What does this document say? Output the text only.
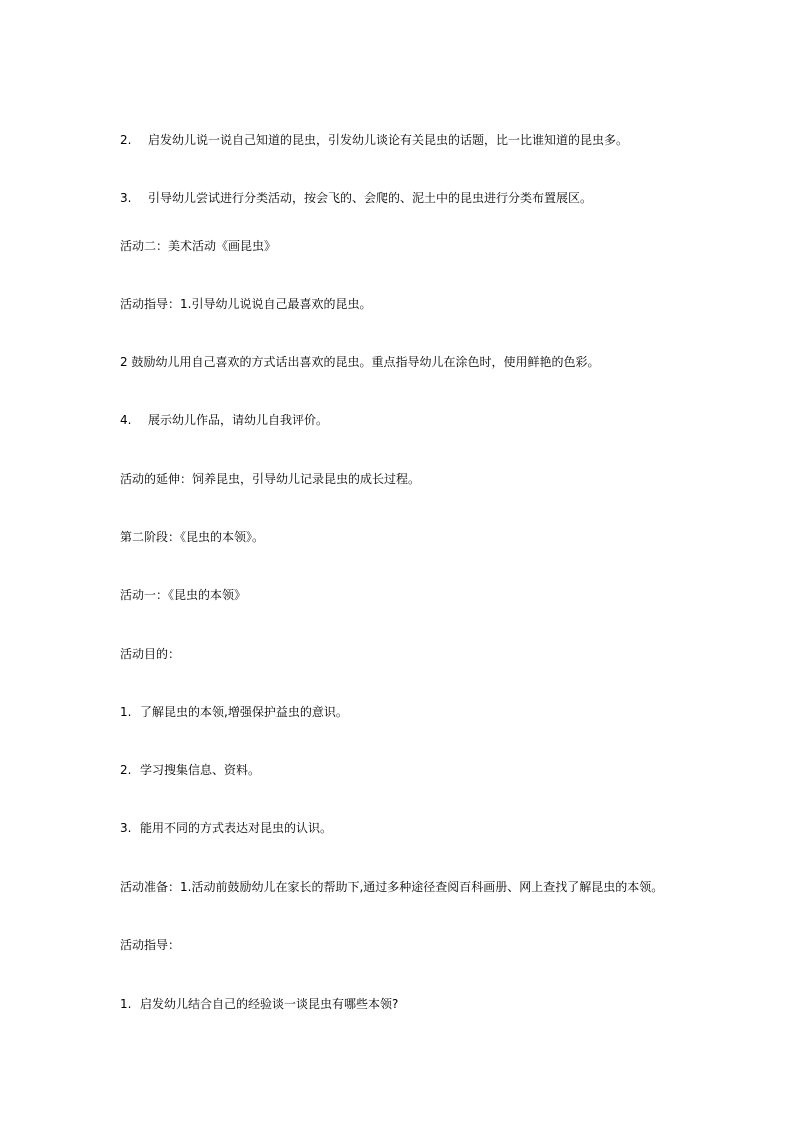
2. 启发幼儿说一说自己知道的昆虫，引发幼儿谈论有关昆虫的话题，比一比谁知道的昆虫多。
3. 引导幼儿尝试进行分类活动，按会飞的、会爬的、泥土中的昆虫进行分类布置展区。
活动二：美术活动《画昆虫》
活动指导：1.引导幼儿说说自己最喜欢的昆虫。
2 鼓励幼儿用自己喜欢的方式话出喜欢的昆虫。重点指导幼儿在涂色时，使用鲜艳的色彩。
4. 展示幼儿作品，请幼儿自我评价。
活动的延伸：饲养昆虫，引导幼儿记录昆虫的成长过程。
第二阶段：《昆虫的本领》。
活动一：《昆虫的本领》
活动目的：
1. 了解昆虫的本领,增强保护益虫的意识。
2. 学习搜集信息、资料。
3. 能用不同的方式表达对昆虫的认识。
活动准备：1.活动前鼓励幼儿在家长的帮助下,通过多种途径查阅百科画册、网上查找了解昆虫的本领。
活动指导：
1. 启发幼儿结合自己的经验谈一谈昆虫有哪些本领?
